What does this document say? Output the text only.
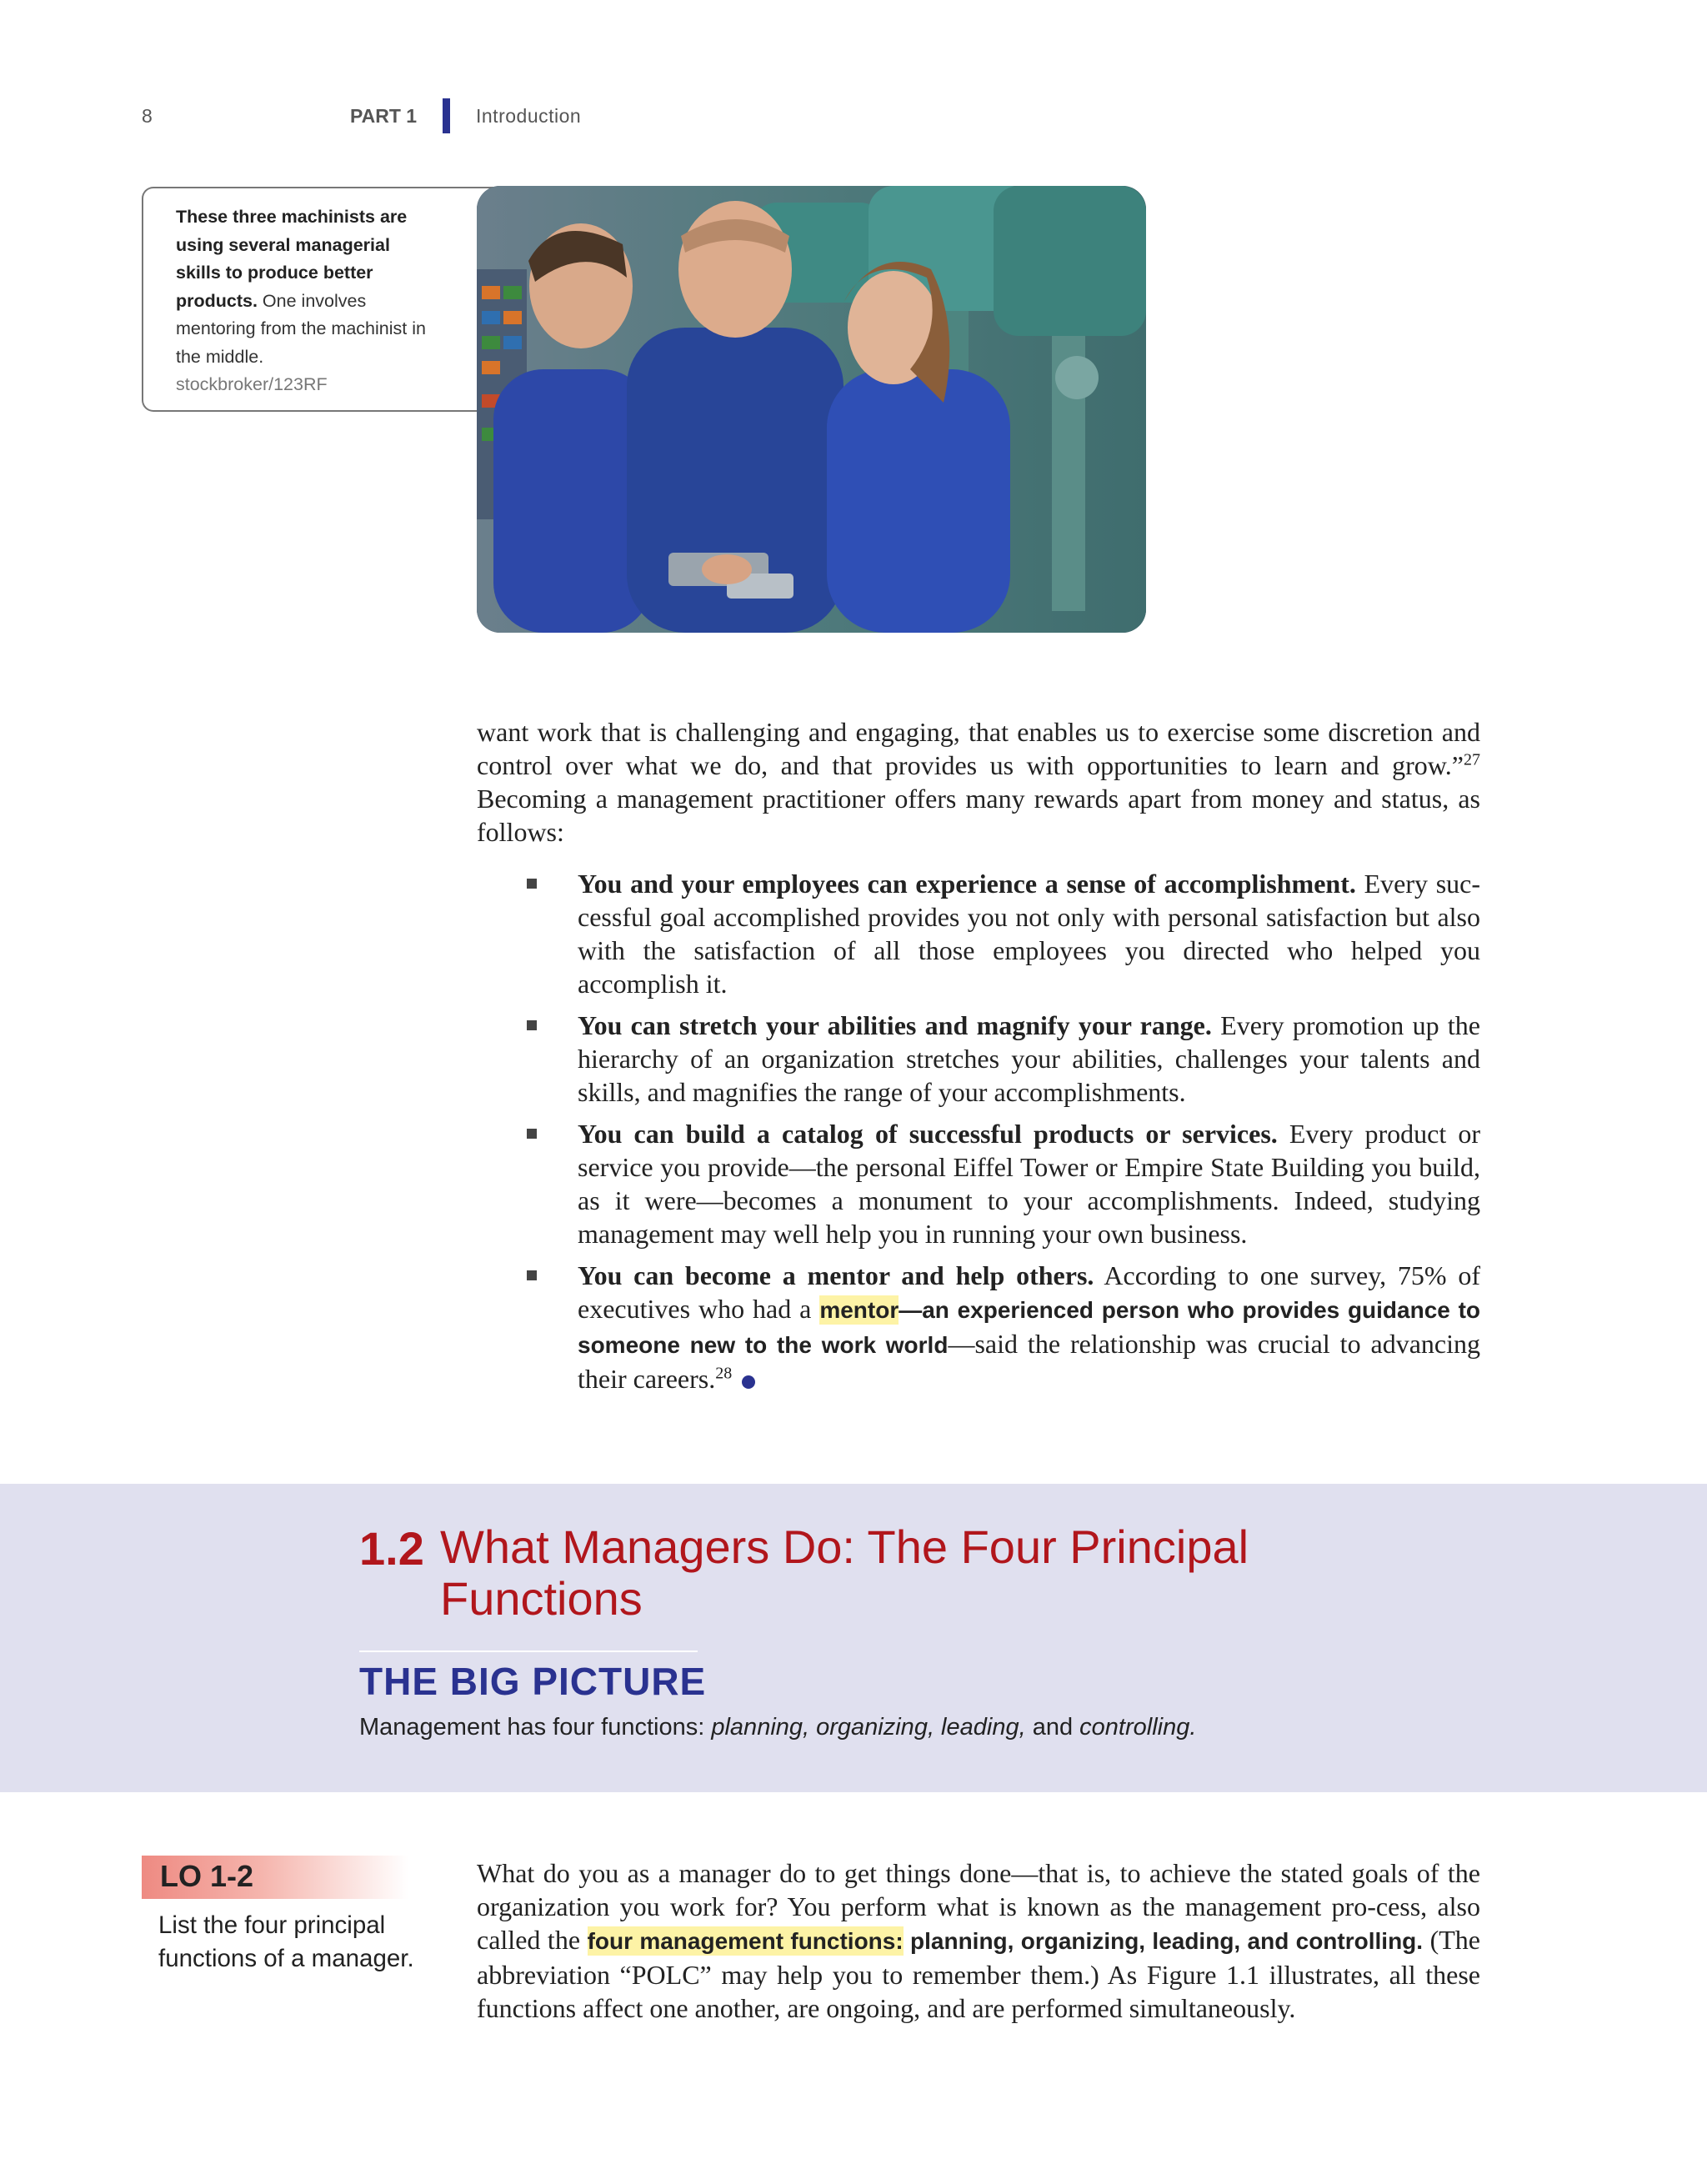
8	PART 1	Introduction
These three machinists are using several managerial skills to produce better products. One involves mentoring from the machinist in the middle.
stockbroker/123RF
want work that is challenging and engaging, that enables us to exercise some discretion and control over what we do, and that provides us with opportunities to learn and grow.”$^{27}$ Becoming a management practitioner offers many rewards apart from money and status, as follows:
You and your employees can experience a sense of accomplishment. Every suc-cessful goal accomplished provides you not only with personal satisfaction but also with the satisfaction of all those employees you directed who helped you accomplish it.
You can stretch your abilities and magnify your range. Every promotion up the hierarchy of an organization stretches your abilities, challenges your talents and skills, and magnifies the range of your accomplishments.
You can build a catalog of successful products or services. Every product or service you provide—the personal Eiffel Tower or Empire State Building you build, as it were—becomes a monument to your accomplishments. Indeed, studying management may well help you in running your own business.
You can become a mentor and help others. According to one survey, 75% of executives who had a mentor—an experienced person who provides guidance to someone new to the work world—said the relationship was crucial to advancing their careers.$^{28}$
1.2 What Managers Do: The Four Principal Functions
THE BIG PICTURE
Management has four functions: planning, organizing, leading, and controlling.
LO 1-2
List the four principal functions of a manager.
What do you as a manager do to get things done—that is, to achieve the stated goals of the organization you work for? You perform what is known as the management pro-cess, also called the four management functions: planning, organizing, leading, and controlling. (The abbreviation “POLC” may help you to remember them.) As Figure 1.1 illustrates, all these functions affect one another, are ongoing, and are performed simultaneously.
